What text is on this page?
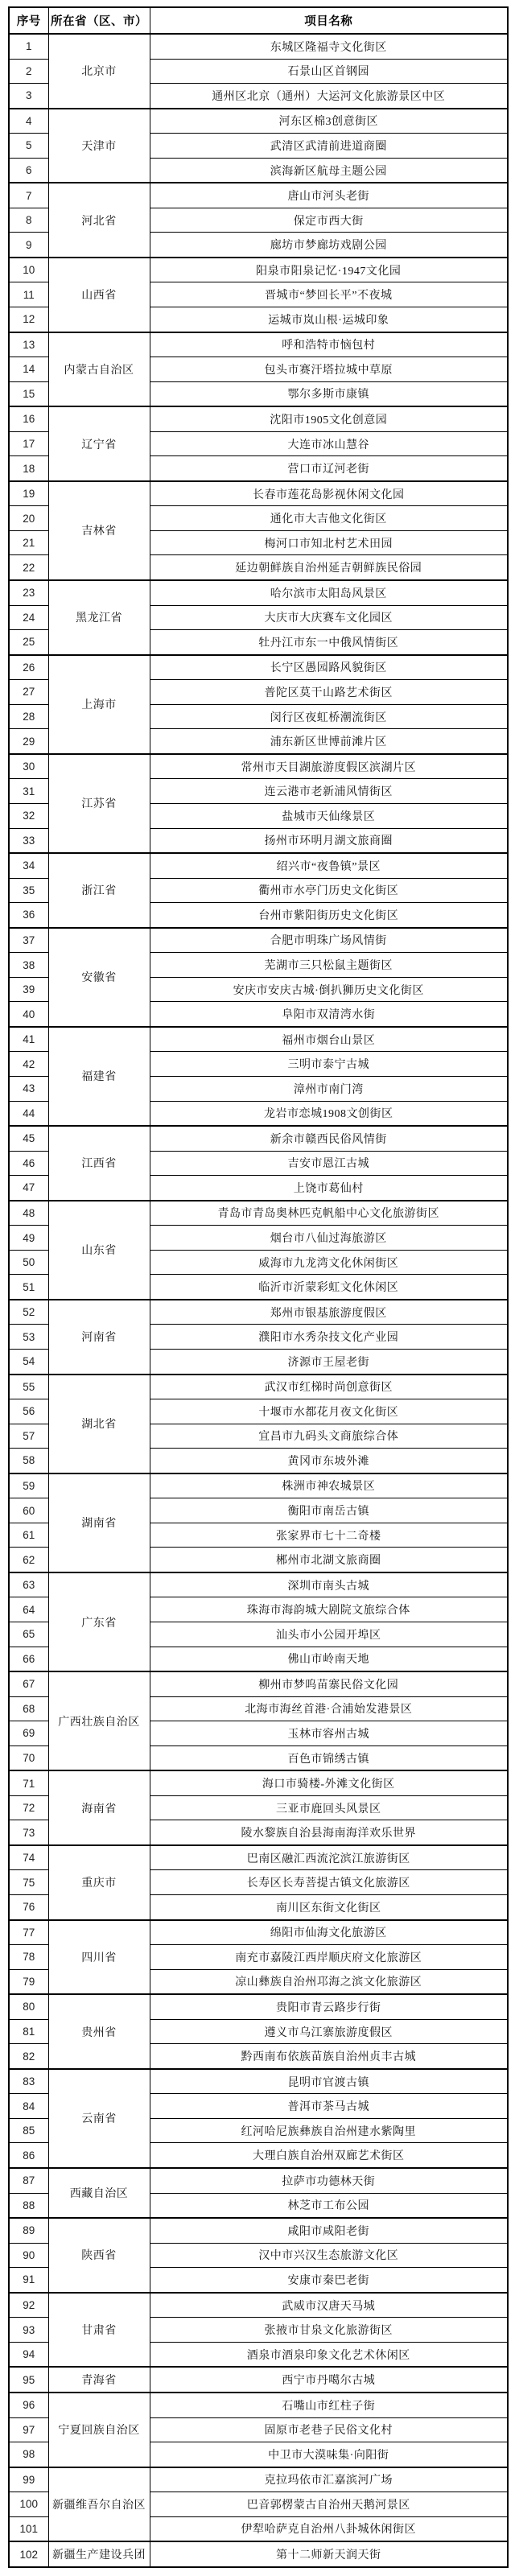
序号	所在省（区、市）	项目名称
1	北京市	东城区隆福寺文化街区
2		石景山区首钢园
3		通州区北京（通州）大运河文化旅游景区中区
4	天津市	河东区棉3创意街区
5		武清区武清前进道商圈
6		滨海新区航母主题公园
7	河北省	唐山市河头老街
8		保定市西大街
9		廊坊市梦廊坊戏剧公园
10	山西省	阳泉市阳泉记忆·1947文化园
11		晋城市“梦回长平”不夜城
12		运城市岚山根·运城印象
13	内蒙古自治区	呼和浩特市恼包村
14		包头市赛汗塔拉城中草原
15		鄂尔多斯市康镇
16	辽宁省	沈阳市1905文化创意园
17		大连市冰山慧谷
18		营口市辽河老街
19	吉林省	长春市莲花岛影视休闲文化园
20		通化市大吉他文化街区
21		梅河口市知北村艺术田园
22		延边朝鲜族自治州延吉朝鲜族民俗园
23	黑龙江省	哈尔滨市太阳岛风景区
24		大庆市大庆赛车文化园区
25		牡丹江市东一中俄风情街区
26	上海市	长宁区愚园路风貌街区
27		普陀区莫干山路艺术街区
28		闵行区夜虹桥潮流街区
29		浦东新区世博前滩片区
30	江苏省	常州市天目湖旅游度假区滨湖片区
31		连云港市老新浦风情街区
32		盐城市天仙缘景区
33		扬州市环明月湖文旅商圈
34	浙江省	绍兴市“夜鲁镇”景区
35		衢州市水亭门历史文化街区
36		台州市紫阳街历史文化街区
37	安徽省	合肥市明珠广场风情街
38		芜湖市三只松鼠主题街区
39		安庆市安庆古城·倒扒狮历史文化街区
40		阜阳市双清湾水街
41	福建省	福州市烟台山景区
42		三明市泰宁古城
43		漳州市南门湾
44		龙岩市恋城1908文创街区
45	江西省	新余市赣西民俗风情街
46		吉安市恩江古城
47		上饶市葛仙村
48	山东省	青岛市青岛奥林匹克帆船中心文化旅游街区
49		烟台市八仙过海旅游区
50		威海市九龙湾文化休闲街区
51		临沂市沂蒙彩虹文化休闲区
52	河南省	郑州市银基旅游度假区
53		濮阳市水秀杂技文化产业园
54		济源市王屋老街
55	湖北省	武汉市红梯时尚创意街区
56		十堰市水都花月夜文化街区
57		宜昌市九码头文商旅综合体
58		黄冈市东坡外滩
59	湖南省	株洲市神农城景区
60		衡阳市南岳古镇
61		张家界市七十二奇楼
62		郴州市北湖文旅商圈
63	广东省	深圳市南头古城
64		珠海市海韵城大剧院文旅综合体
65		汕头市小公园开埠区
66		佛山市岭南天地
67	广西壮族自治区	柳州市梦呜苗寨民俗文化园
68		北海市海丝首港·合浦始发港景区
69		玉林市容州古城
70		百色市锦绣古镇
71	海南省	海口市骑楼-外滩文化街区
72		三亚市鹿回头风景区
73		陵水黎族自治县海南海洋欢乐世界
74	重庆市	巴南区融汇西流沱滨江旅游街区
75		长寿区长寿菩提古镇文化旅游区
76		南川区东街文化街区
77	四川省	绵阳市仙海文化旅游区
78		南充市嘉陵江西岸顺庆府文化旅游区
79		凉山彝族自治州邛海之滨文化旅游区
80	贵州省	贵阳市青云路步行街
81		遵义市乌江寨旅游度假区
82		黔西南布依族苗族自治州贞丰古城
83	云南省	昆明市官渡古镇
84		普洱市茶马古城
85		红河哈尼族彝族自治州建水紫陶里
86		大理白族自治州双廊艺术街区
87	西藏自治区	拉萨市功德林天街
88		林芝市工布公园
89	陕西省	咸阳市咸阳老街
90		汉中市兴汉生态旅游文化区
91		安康市秦巴老街
92	甘肃省	武威市汉唐天马城
93		张掖市甘泉文化旅游街区
94		酒泉市酒泉印象文化艺术休闲区
95	青海省	西宁市丹噶尔古城
96	宁夏回族自治区	石嘴山市红柱子街
97		固原市老巷子民俗文化村
98		中卫市大漠味集·向阳街
99	新疆维吾尔自治区	克拉玛依市汇嘉滨河广场
100		巴音郭楞蒙古自治州天鹅河景区
101		伊犁哈萨克自治州八卦城休闲街区
102	新疆生产建设兵团	第十二师新天润天街
